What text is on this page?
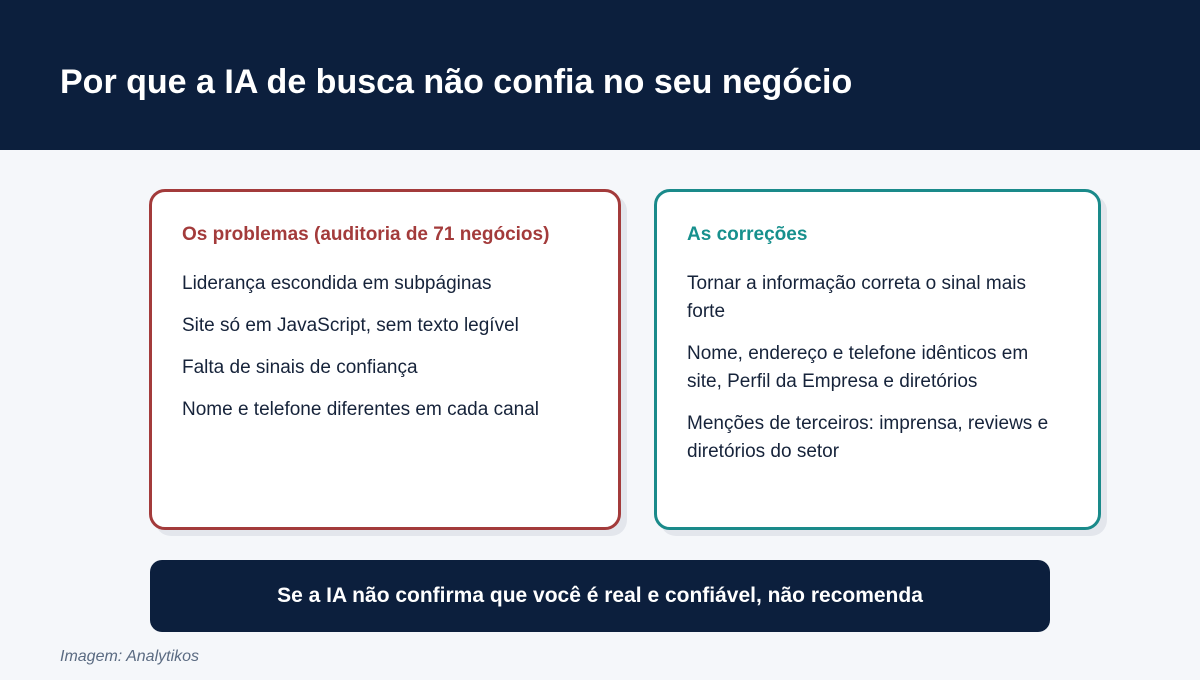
Por que a IA de busca não confia no seu negócio
Os problemas (auditoria de 71 negócios)
Liderança escondida em subpáginas
Site só em JavaScript, sem texto legível
Falta de sinais de confiança
Nome e telefone diferentes em cada canal
As correções
Tornar a informação correta o sinal mais forte
Nome, endereço e telefone idênticos em site, Perfil da Empresa e diretórios
Menções de terceiros: imprensa, reviews e diretórios do setor
Se a IA não confirma que você é real e confiável, não recomenda
Imagem: Analytikos
